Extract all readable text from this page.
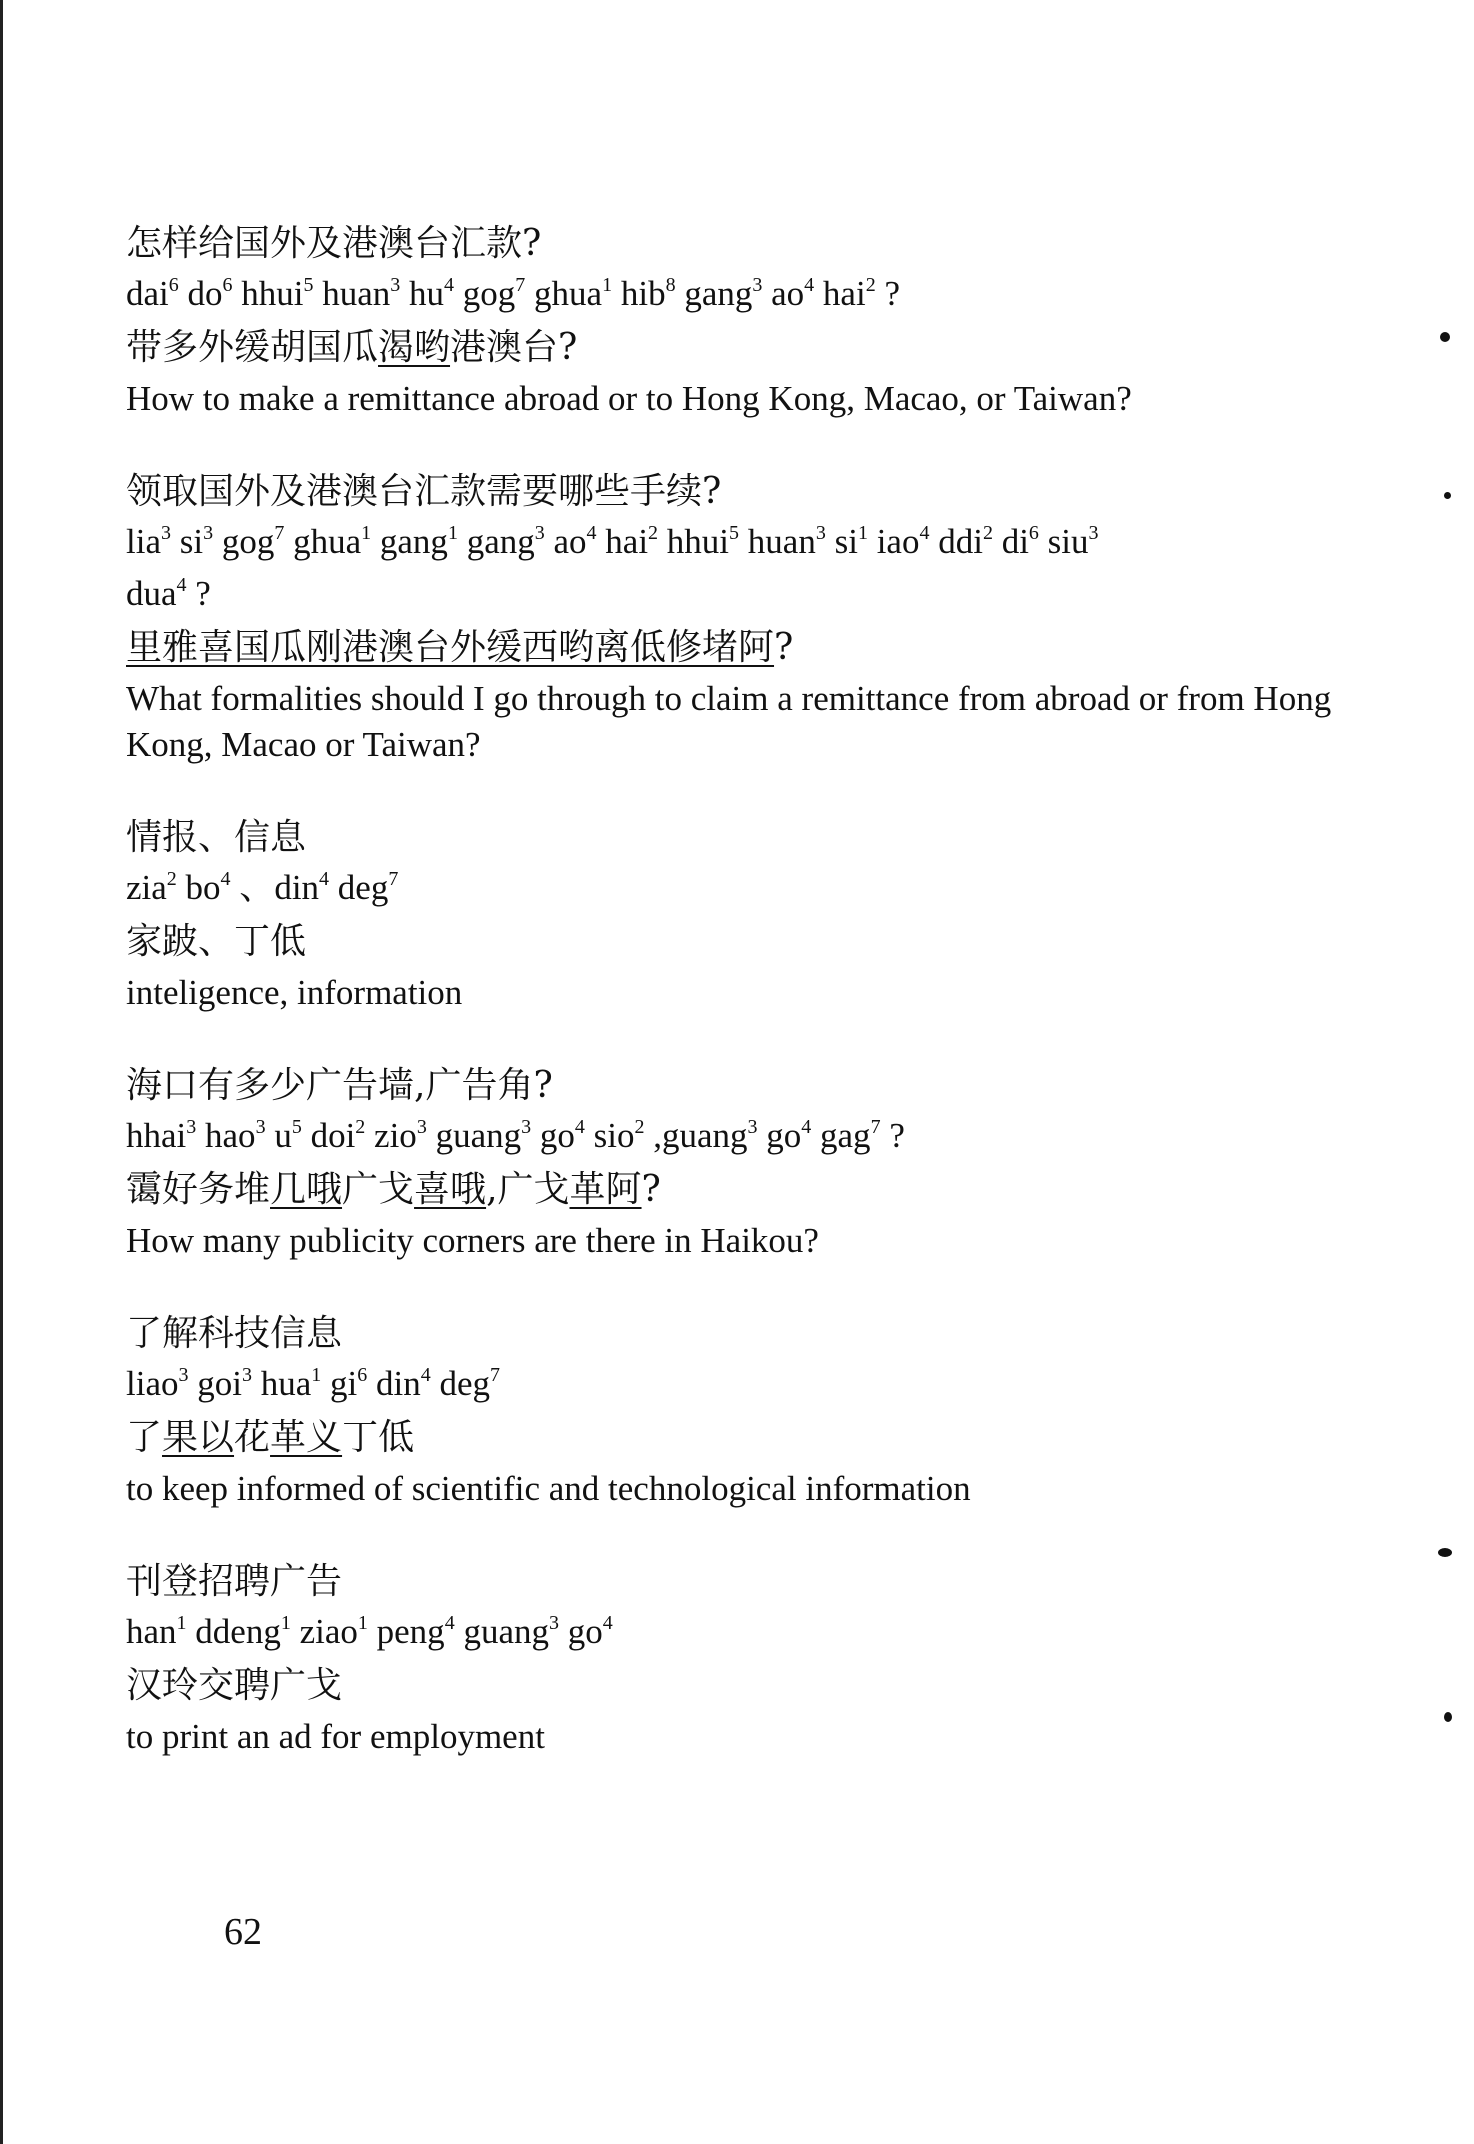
怎样给国外及港澳台汇款?
dai$^6$ $do^6$ hhui$^5$ huan$^3$ $hu^4$ gog$^7$ ghua$^1$ hib$^8$ gang$^3$ $ao^4$ hai$^2$ ?
带多外缓胡国瓜渴哟港澳台?
How to make a remittance abroad or to Hong Kong, Macao, or Taiwan?
领取国外及港澳台汇款需要哪些手续?
lia$^3$ $si^3$ gog$^7$ ghua$^1$ gang$^1$ gang$^3$ $ao^4$ hai$^2$ hhui$^5$ huan$^3$ $si^1$ iao$^4$ ddi$^2$ $di^6$ siu$^3$
dua$^4$ ?
里雅喜国瓜刚港澳台外缓西哟离低修堵阿?
What formalities should I go through to claim a remittance from abroad or from Hong Kong, Macao or Taiwan?
情报、信息
zia$^2$ $bo^4$ 、din$^4$ deg$^7$
家跛、丁低
inteligence, information
海口有多少广告墙,广告角?
hhai$^3$ hao$^3$ $u^5$ doi$^2$ zio$^3$ guang$^3$ $go^4$ sio$^2$ ,guang$^3$ $go^4$ gag$^7$ ?
霭好务堆几哦广戈喜哦,广戈革阿?
How many publicity corners are there in Haikou?
了解科技信息
liao$^3$ goi$^3$ hua$^1$ $gi^6$ din$^4$ deg$^7$
了果以花革义丁低
to keep informed of scientific and technological information
刊登招聘广告
han$^1$ ddeng$^1$ ziao$^1$ peng$^4$ guang$^3$ $go^4$
汉玲交聘广戈
to print an ad for employment
62
